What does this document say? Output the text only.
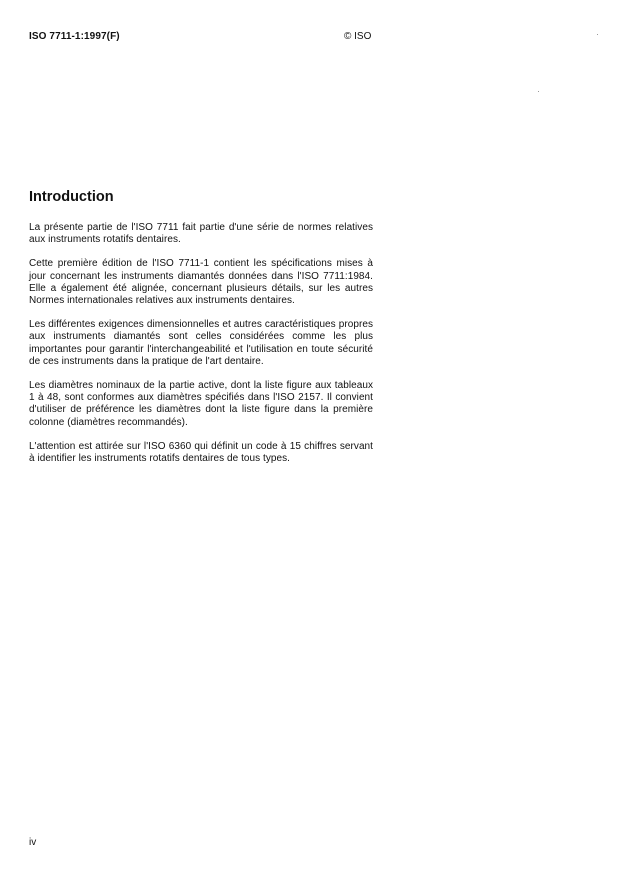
ISO 7711-1:1997(F)	© ISO
Introduction

La présente partie de l'ISO 7711 fait partie d'une série de normes relatives aux instruments rotatifs dentaires.

Cette première édition de l'ISO 7711-1 contient les spécifications mises à jour concernant les instruments diamantés données dans l'ISO 7711:1984. Elle a également été alignée, concernant plusieurs détails, sur les autres Normes internationales relatives aux instruments dentaires.

Les différentes exigences dimensionnelles et autres caractéristiques propres aux instruments diamantés sont celles considérées comme les plus importantes pour garantir l'interchangeabilité et l'utilisation en toute sécurité de ces instruments dans la pratique de l'art dentaire.

Les diamètres nominaux de la partie active, dont la liste figure aux tableaux 1 à 48, sont conformes aux diamètres spécifiés dans l'ISO 2157. Il convient d'utiliser de préférence les diamètres dont la liste figure dans la première colonne (diamètres recommandés).

L'attention est attirée sur l'ISO 6360 qui définit un code à 15 chiffres servant à identifier les instruments rotatifs dentaires de tous types.

iv
